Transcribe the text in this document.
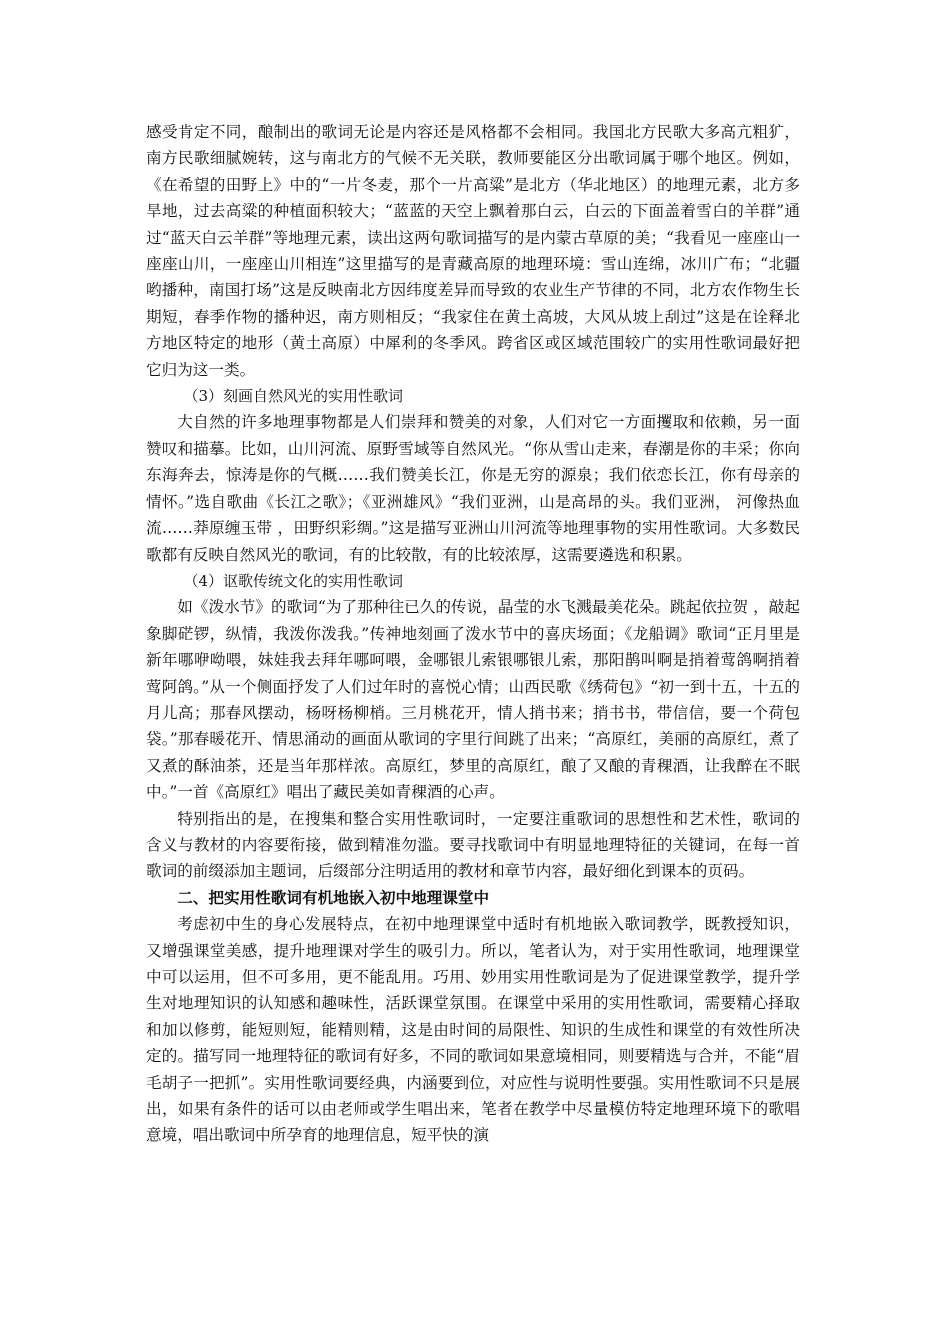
感受肯定不同，酿制出的歌词无论是内容还是风格都不会相同。我国北方民歌大多高亢粗犷，南方民歌细腻婉转，这与南北方的气候不无关联，教师要能区分出歌词属于哪个地区。例如，《在希望的田野上》中的“一片冬麦，那个一片高粱”是北方（华北地区）的地理元素，北方多旱地，过去高粱的种植面积较大；“蓝蓝的天空上飘着那白云，白云的下面盖着雪白的羊群”通过“蓝天白云羊群”等地理元素，读出这两句歌词描写的是内蒙古草原的美；“我看见一座座山一座座山川，一座座山川相连”这里描写的是青藏高原的地理环境：雪山连绵，冰川广布；“北疆哟播种，南国打场”这是反映南北方因纬度差异而导致的农业生产节律的不同，北方农作物生长期短，春季作物的播种迟，南方则相反；“我家住在黄土高坡，大风从坡上刮过”这是在诠释北方地区特定的地形（黄土高原）中犀利的冬季风。跨省区或区域范围较广的实用性歌词最好把它归为这一类。

（3）刻画自然风光的实用性歌词

大自然的许多地理事物都是人们崇拜和赞美的对象，人们对它一方面攫取和依赖，另一面赞叹和描摹。比如，山川河流、原野雪域等自然风光。“你从雪山走来，春潮是你的丰采；你向东海奔去，惊涛是你的气概……我们赞美长江，你是无穷的源泉；我们依恋长江，你有母亲的情怀。”选自歌曲《长江之歌》；《亚洲雄风》“我们亚洲，山是高昂的头。我们亚洲， 河像热血流……莽原缠玉带 ，田野织彩绸。”这是描写亚洲山川河流等地理事物的实用性歌词。大多数民歌都有反映自然风光的歌词，有的比较散，有的比较浓厚，这需要遴选和积累。

（4）讴歌传统文化的实用性歌词

如《泼水节》的歌词“为了那种往已久的传说，晶莹的水飞溅最美花朵。跳起依拉贺 ，敲起象脚硭锣，纵情，我泼你泼我。”传神地刻画了泼水节中的喜庆场面；《龙船调》歌词“正月里是新年哪咿呦喂，妹娃我去拜年哪呵喂，金哪银儿索银哪银儿索，那阳鹊叫啊是捎着莺鸽啊捎着莺阿鸽。”从一个侧面抒发了人们过年时的喜悦心情；山西民歌《绣荷包》“初一到十五，十五的月儿高；那春风摆动，杨呀杨柳梢。三月桃花开，情人捎书来；捎书书，带信信，要一个荷包袋。”那春暖花开、情思涌动的画面从歌词的字里行间跳了出来；“高原红，美丽的高原红，煮了又煮的酥油茶，还是当年那样浓。高原红，梦里的高原红，酿了又酿的青稞酒，让我醉在不眠中。”一首《高原红》唱出了藏民美如青稞酒的心声。

特别指出的是，在搜集和整合实用性歌词时，一定要注重歌词的思想性和艺术性，歌词的含义与教材的内容要衔接，做到精准勿滥。要寻找歌词中有明显地理特征的关键词，在每一首歌词的前缀添加主题词，后缀部分注明适用的教材和章节内容，最好细化到课本的页码。

二、把实用性歌词有机地嵌入初中地理课堂中

考虑初中生的身心发展特点，在初中地理课堂中适时有机地嵌入歌词教学，既教授知识，又增强课堂美感，提升地理课对学生的吸引力。所以，笔者认为，对于实用性歌词，地理课堂中可以运用，但不可多用，更不能乱用。巧用、妙用实用性歌词是为了促进课堂教学，提升学生对地理知识的认知感和趣味性，活跃课堂氛围。在课堂中采用的实用性歌词，需要精心择取和加以修剪，能短则短，能精则精，这是由时间的局限性、知识的生成性和课堂的有效性所决定的。描写同一地理特征的歌词有好多，不同的歌词如果意境相同，则要精选与合并，不能“眉毛胡子一把抓”。实用性歌词要经典，内涵要到位，对应性与说明性要强。实用性歌词不只是展出，如果有条件的话可以由老师或学生唱出来，笔者在教学中尽量模仿特定地理环境下的歌唱意境，唱出歌词中所孕育的地理信息，短平快的演
